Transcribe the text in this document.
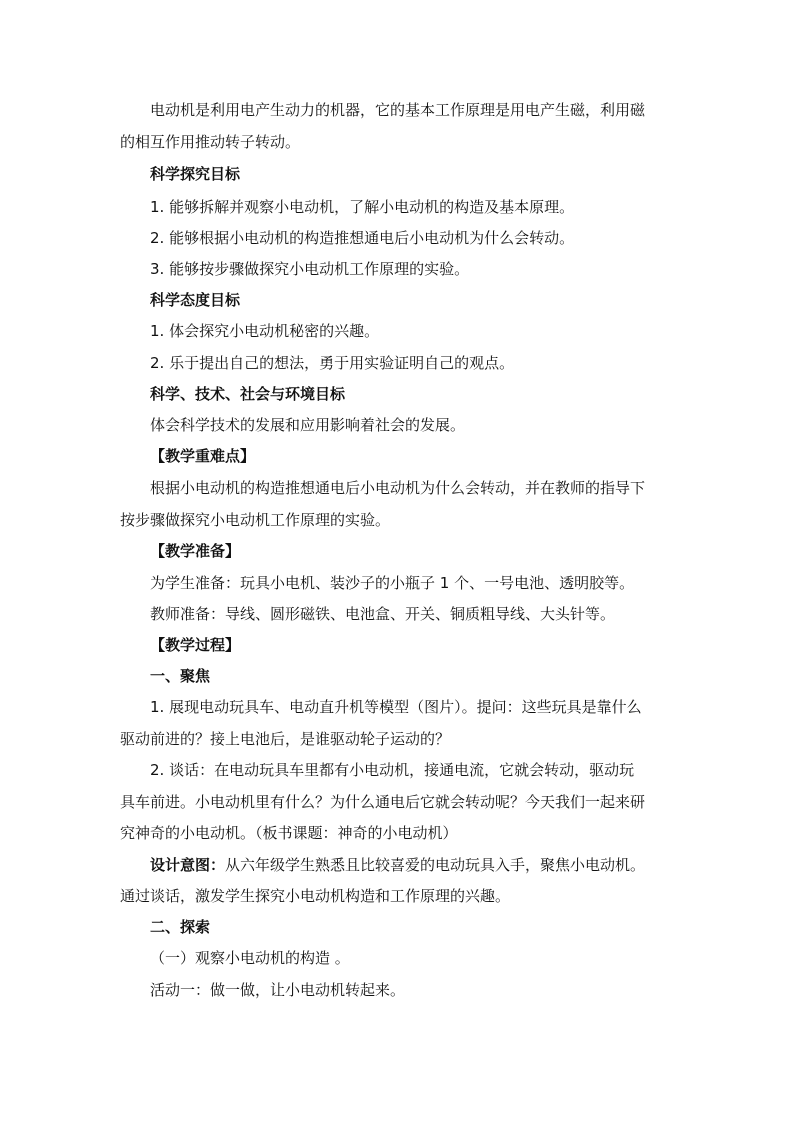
电动机是利用电产生动力的机器，它的基本工作原理是用电产生磁，利用磁
的相互作用推动转子转动。
科学探究目标
1. 能够拆解并观察小电动机，了解小电动机的构造及基本原理。
2. 能够根据小电动机的构造推想通电后小电动机为什么会转动。
3. 能够按步骤做探究小电动机工作原理的实验。
科学态度目标
1. 体会探究小电动机秘密的兴趣。
2. 乐于提出自己的想法，勇于用实验证明自己的观点。
科学、技术、社会与环境目标
体会科学技术的发展和应用影响着社会的发展。
【教学重难点】
根据小电动机的构造推想通电后小电动机为什么会转动，并在教师的指导下
按步骤做探究小电动机工作原理的实验。
【教学准备】
为学生准备：玩具小电机、装沙子的小瓶子 1 个、一号电池、透明胶等。
教师准备：导线、圆形磁铁、电池盒、开关、铜质粗导线、大头针等。
【教学过程】
一、聚焦
1. 展现电动玩具车、电动直升机等模型（图片）。提问：这些玩具是靠什么
驱动前进的？接上电池后，是谁驱动轮子运动的？
2. 谈话：在电动玩具车里都有小电动机，接通电流，它就会转动，驱动玩
具车前进。小电动机里有什么？为什么通电后它就会转动呢？今天我们一起来研
究神奇的小电动机。（板书课题：神奇的小电动机）
设计意图：从六年级学生熟悉且比较喜爱的电动玩具入手，聚焦小电动机。
通过谈话，激发学生探究小电动机构造和工作原理的兴趣。
二、探索
（一）观察小电动机的构造 。
活动一：做一做，让小电动机转起来。
